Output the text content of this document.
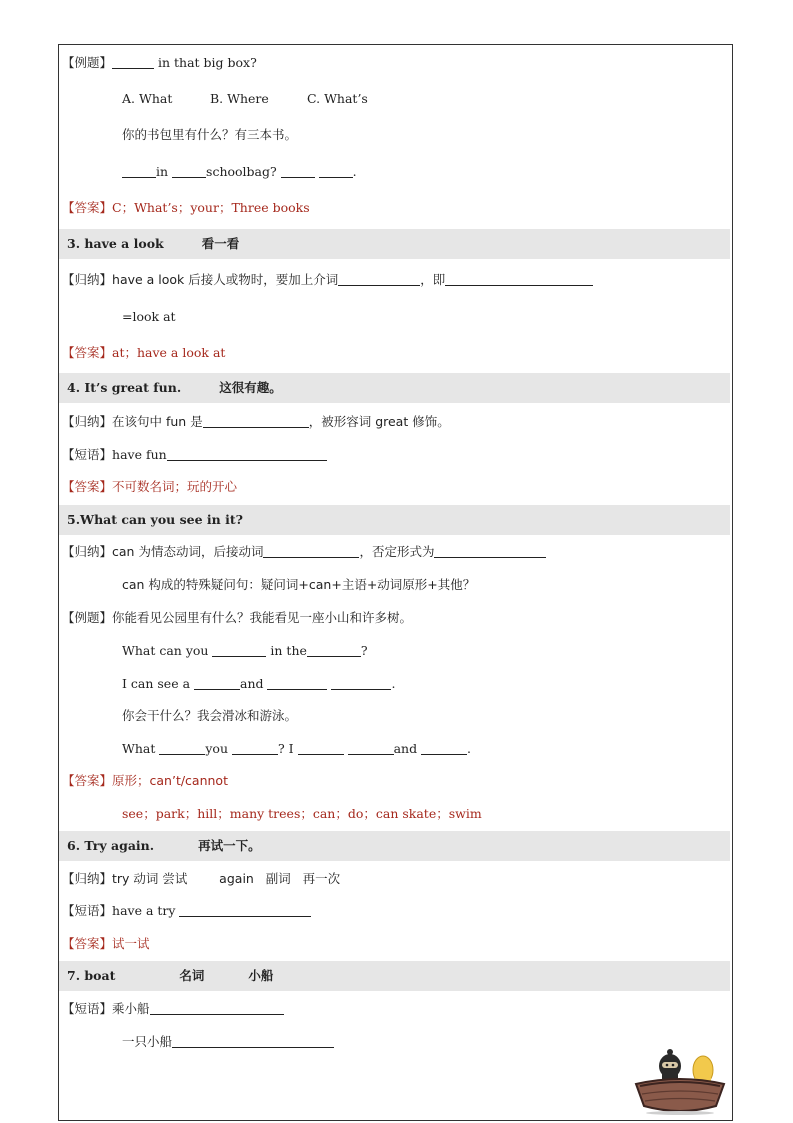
【例题】	in that big box?
A. What	B. Where	C. What’s
你的书包里有什么？有三本书。
in	schoolbag?	.
【答案】C；What’s；your；Three books
3. have a look	看一看
【归纳】have a look 后接人或物时，要加上介词	，即
=look at
【答案】at；have a look at
4. It’s great fun.	这很有趣。
【归纳】在该句中 fun 是	，被形容词 great 修饰。
【短语】have fun
【答案】不可数名词；玩的开心
5.What can you see in it?
【归纳】can 为情态动词，后接动词	，否定形式为
can 构成的特殊疑问句：疑问词+can+主语+动词原形+其他？
【例题】你能看见公园里有什么？我能看见一座小山和许多树。
What can you	in the	?
I can see a	and	.
你会干什么？我会滑冰和游泳。
What	you	? I	and	.
【答案】原形；can’t/cannot
see；park；hill；many trees；can；do；can skate；swim
6. Try again.	再试一下。
【归纳】try 动词 尝试        again   副词   再一次
【短语】have a try
【答案】试一试
7. boat	名词	小船
【短语】乘小船
一只小船
